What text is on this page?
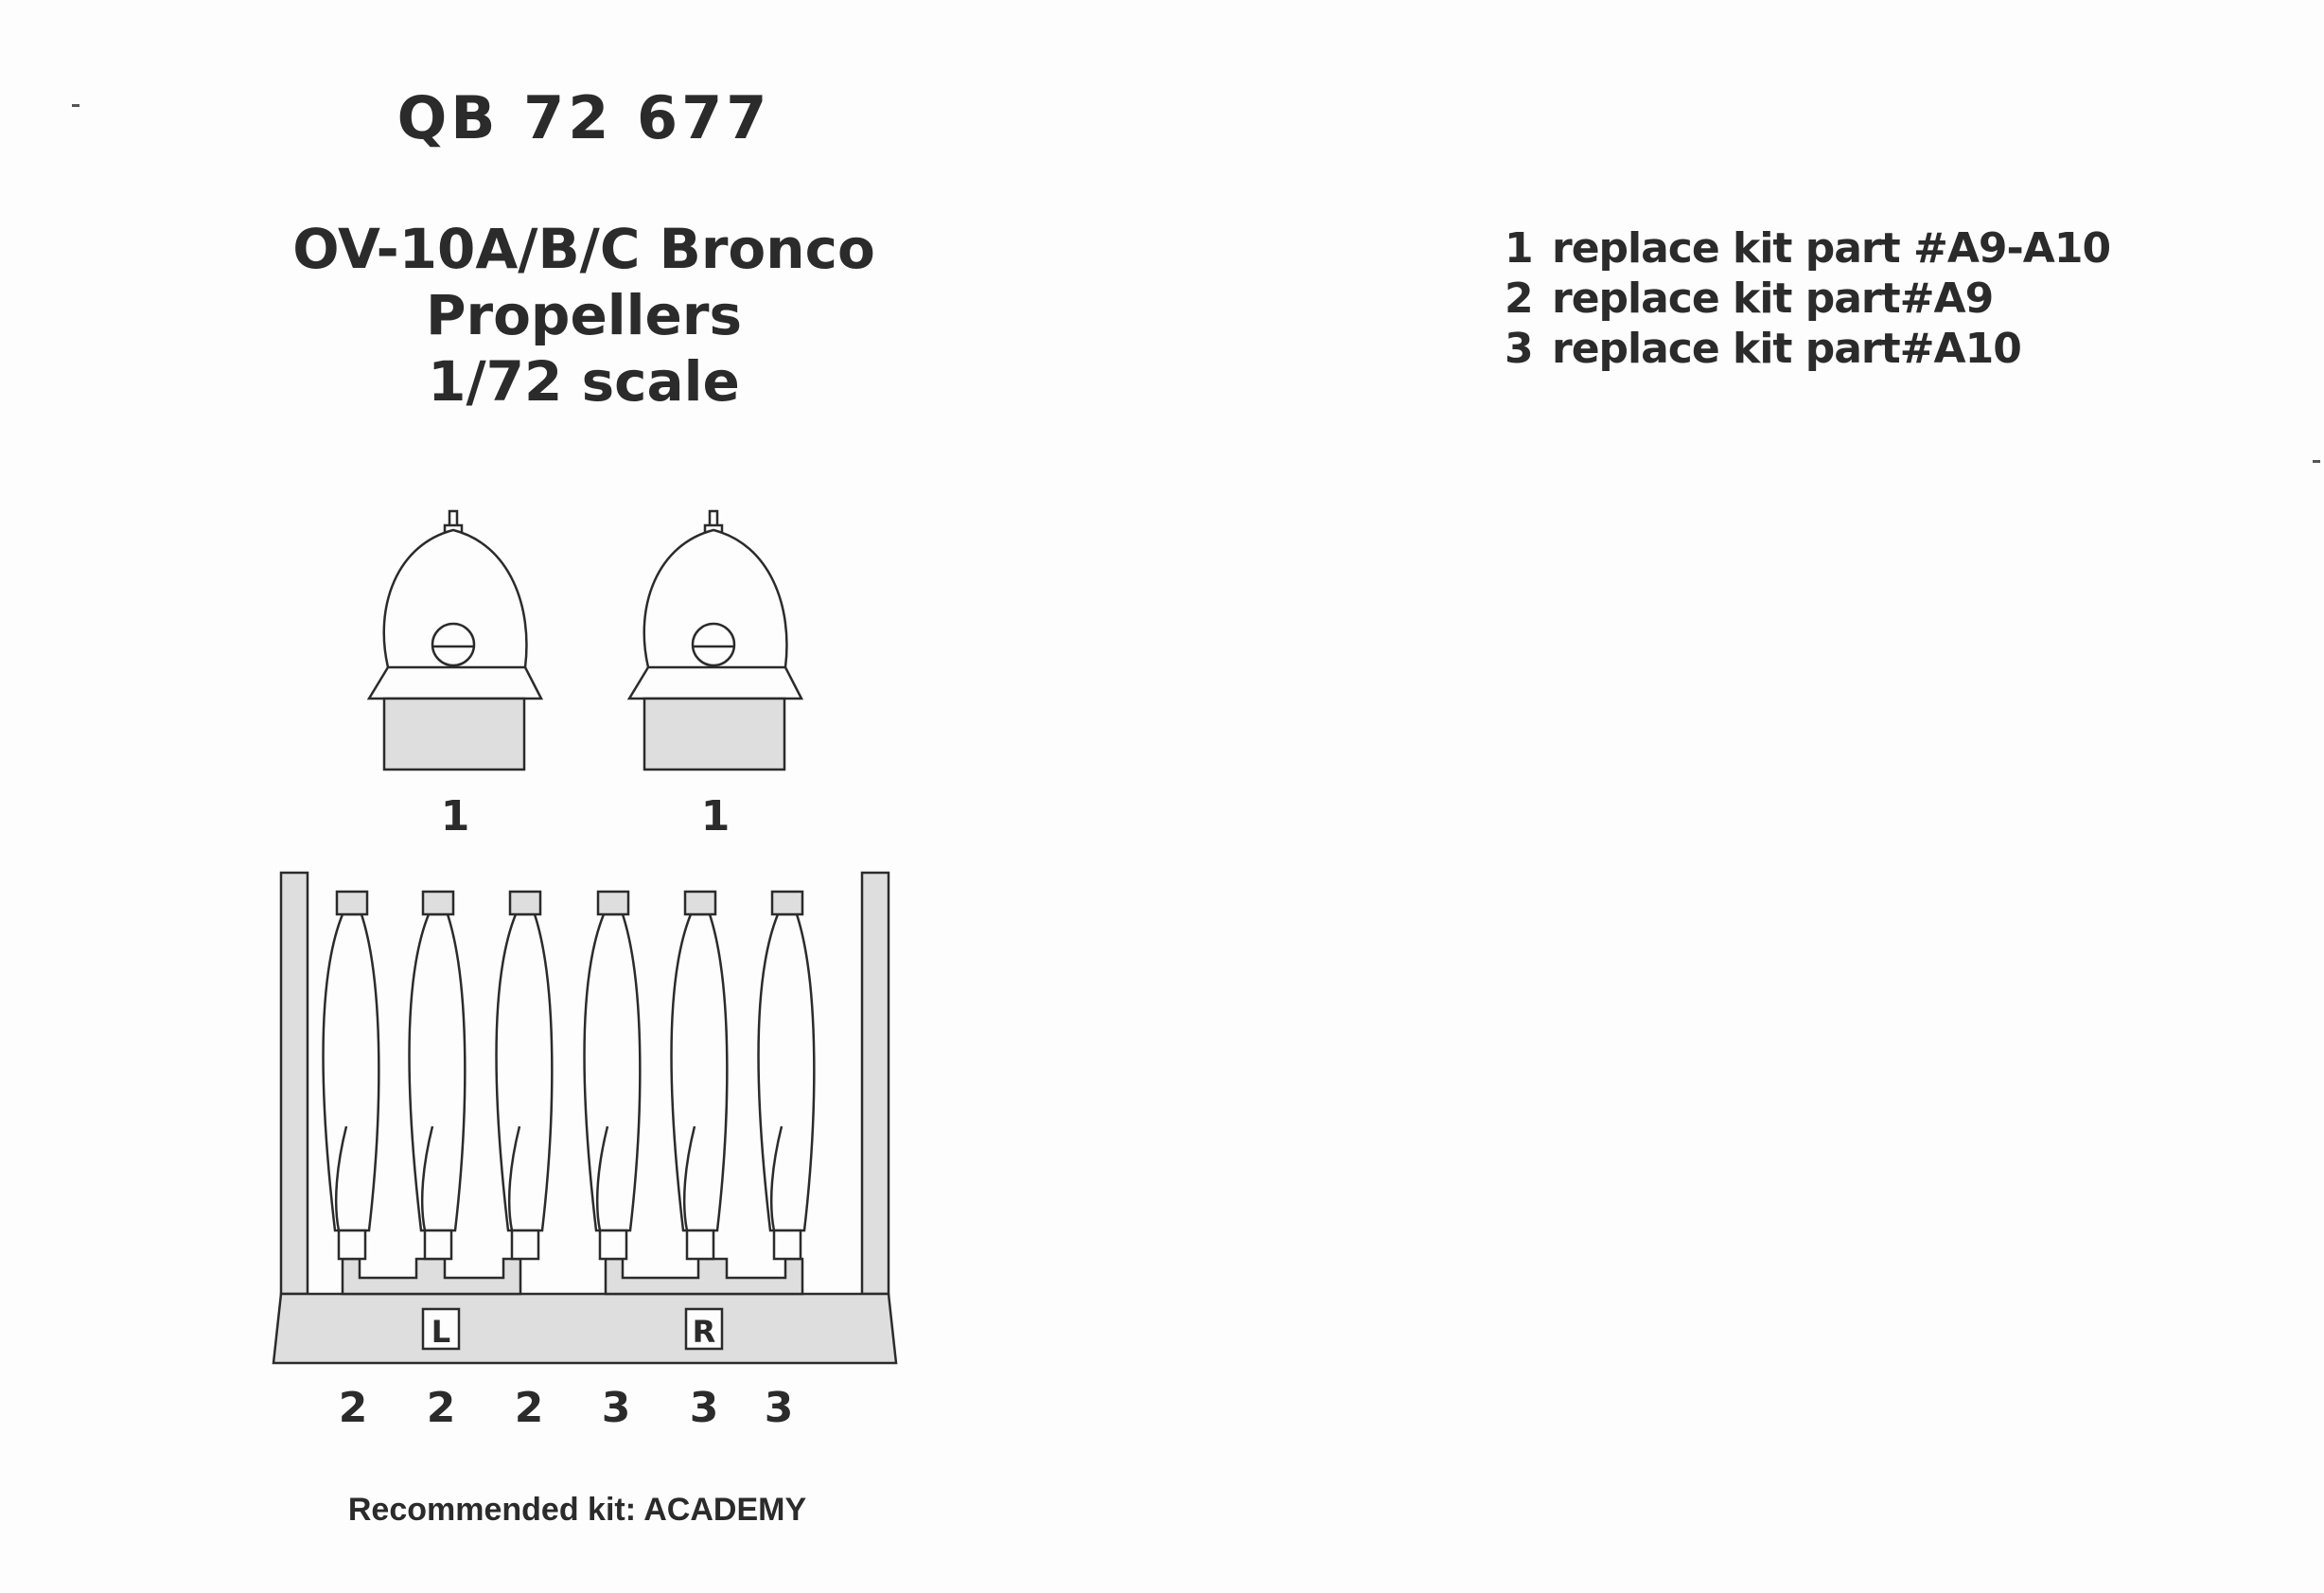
QB 72 677
OV-10A/B/C Bronco
Propellers
1/72 scale
1 replace kit part #A9-A10
2 replace kit part#A9
3 replace kit part#A10
L	R
1	1
2 2 2 3 3 3

Recommended kit: ACADEMY
